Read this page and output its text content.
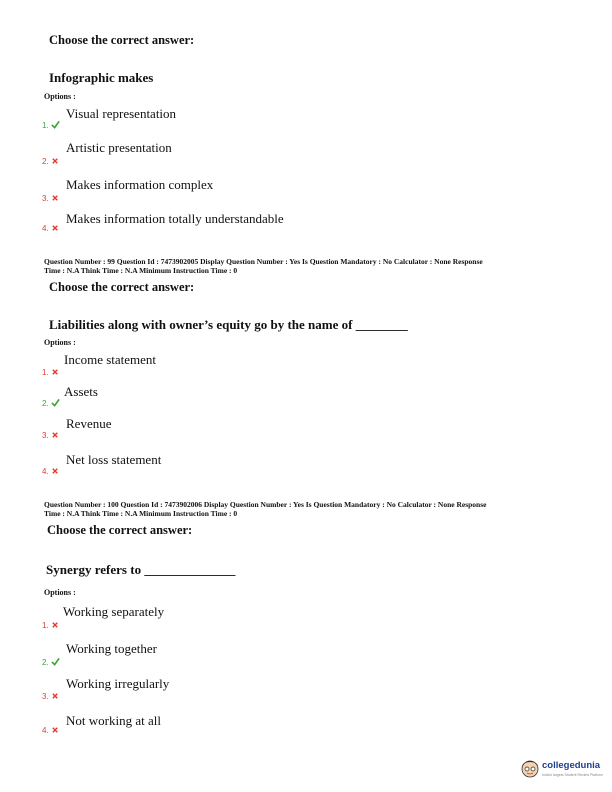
Choose the correct answer:
Infographic makes
Options :
1.
Visual representation
2.
Artistic presentation
3.
Makes information complex
4.
Makes information totally understandable
Question Number : 99 Question Id : 7473902005 Display Question Number : Yes Is Question Mandatory : No Calculator : None Response
Time : N.A Think Time : N.A Minimum Instruction Time : 0
Choose the correct answer:
Liabilities along with owner’s equity go by the name of ________
Options :
1.
Income statement
2.
Assets
3.
Revenue
4.
Net loss statement
Question Number : 100 Question Id : 7473902006 Display Question Number : Yes Is Question Mandatory : No Calculator : None Response
Time : N.A Think Time : N.A Minimum Instruction Time : 0
Choose the correct answer:
Synergy refers to ______________
Options :
1.
Working separately
2.
Working together
3.
Working irregularly
4.
Not working at all
collegedunia
India's largest Student Review Platform
